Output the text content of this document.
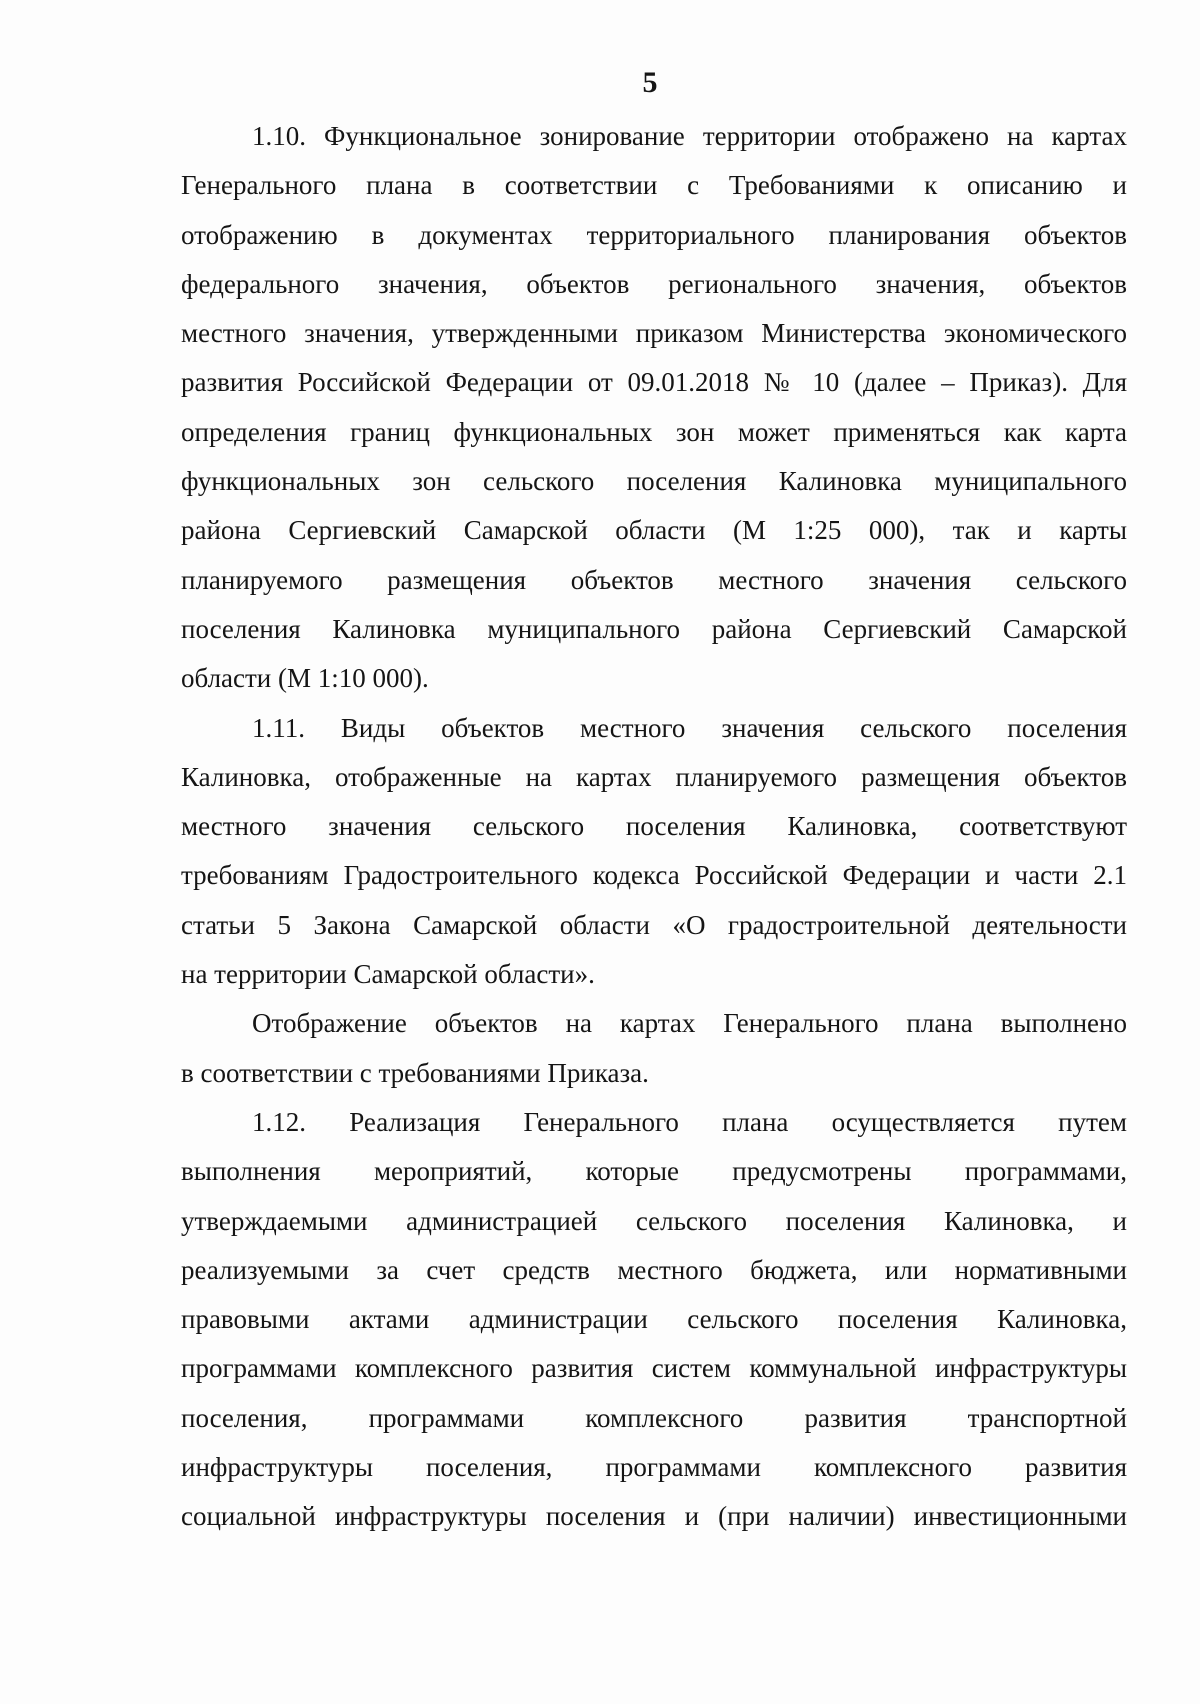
5
1.10. Функциональное зонирование территории отображено на картах
Генерального плана в соответствии с Требованиями к описанию и
отображению в документах территориального планирования объектов
федерального значения, объектов регионального значения, объектов
местного значения, утвержденными приказом Министерства экономического
развития Российской Федерации от 09.01.2018 № 10 (далее – Приказ). Для
определения границ функциональных зон может применяться как карта
функциональных зон сельского поселения Калиновка муниципального
района Сергиевский Самарской области (М 1:25 000), так и карты
планируемого размещения объектов местного значения сельского
поселения Калиновка муниципального района Сергиевский Самарской
области (М 1:10 000).
1.11. Виды объектов местного значения сельского поселения
Калиновка, отображенные на картах планируемого размещения объектов
местного значения сельского поселения Калиновка, соответствуют
требованиям Градостроительного кодекса Российской Федерации и части 2.1
статьи 5 Закона Самарской области «О градостроительной деятельности
на территории Самарской области».
Отображение объектов на картах Генерального плана выполнено
в соответствии с требованиями Приказа.
1.12. Реализация Генерального плана осуществляется путем
выполнения мероприятий, которые предусмотрены программами,
утверждаемыми администрацией сельского поселения Калиновка, и
реализуемыми за счет средств местного бюджета, или нормативными
правовыми актами администрации сельского поселения Калиновка,
программами комплексного развития систем коммунальной инфраструктуры
поселения, программами комплексного развития транспортной
инфраструктуры поселения, программами комплексного развития
социальной инфраструктуры поселения и (при наличии) инвестиционными
